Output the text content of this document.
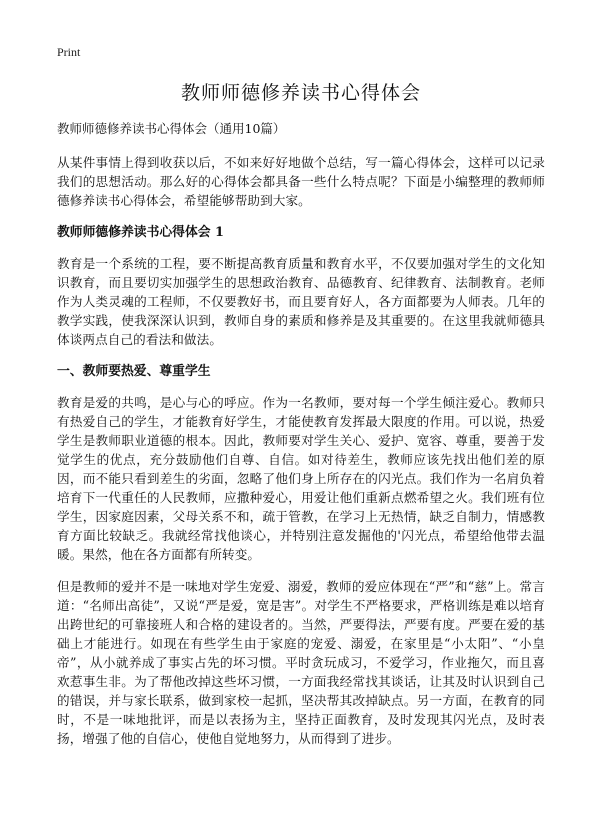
Print
教师师德修养读书心得体会

教师师德修养读书心得体会（通用10篇）

从某件事情上得到收获以后，不如来好好地做个总结，写一篇心得体会，这样可以记录我们的思想活动。那么好的心得体会都具备一些什么特点呢？下面是小编整理的教师师德修养读书心得体会，希望能够帮助到大家。

教师师德修养读书心得体会 1

教育是一个系统的工程，要不断提高教育质量和教育水平，不仅要加强对学生的文化知识教育，而且要切实加强学生的思想政治教育、品德教育、纪律教育、法制教育。老师作为人类灵魂的工程师，不仅要教好书，而且要育好人，各方面都要为人师表。几年的教学实践，使我深深认识到，教师自身的素质和修养是及其重要的。在这里我就师德具体谈两点自己的看法和做法。

一、教师要热爱、尊重学生

教育是爱的共鸣，是心与心的呼应。作为一名教师，要对每一个学生倾注爱心。教师只有热爱自己的学生，才能教育好学生，才能使教育发挥最大限度的作用。可以说，热爱学生是教师职业道德的根本。因此，教师要对学生关心、爱护、宽容、尊重，要善于发觉学生的优点，充分鼓励他们自尊、自信。如对待差生，教师应该先找出他们差的原因，而不能只看到差生的劣面，忽略了他们身上所存在的闪光点。我们作为一名肩负着培育下一代重任的人民教师，应撒种爱心，用爱让他们重新点燃希望之火。我们班有位学生，因家庭因素，父母关系不和，疏于管教，在学习上无热情，缺乏自制力，情感教育方面比较缺乏。我就经常找他谈心，并特别注意发掘他的'闪光点，希望给他带去温暖。果然，他在各方面都有所转变。

但是教师的爱并不是一味地对学生宠爱、溺爱，教师的爱应体现在“严”和“慈”上。常言道：“名师出高徒”，又说“严是爱，宽是害”。对学生不严格要求，严格训练是难以培育出跨世纪的可靠接班人和合格的建设者的。当然，严要得法，严要有度。严要在爱的基础上才能进行。如现在有些学生由于家庭的宠爱、溺爱，在家里是“小太阳”、“小皇帝”，从小就养成了事实占先的坏习惯。平时贪玩成习，不爱学习，作业拖欠，而且喜欢惹事生非。为了帮他改掉这些坏习惯，一方面我经常找其谈话，让其及时认识到自己的错误，并与家长联系，做到家校一起抓，坚决帮其改掉缺点。另一方面，在教育的同时，不是一味地批评，而是以表扬为主，坚持正面教育，及时发现其闪光点，及时表扬，增强了他的自信心，使他自觉地努力，从而得到了进步。
